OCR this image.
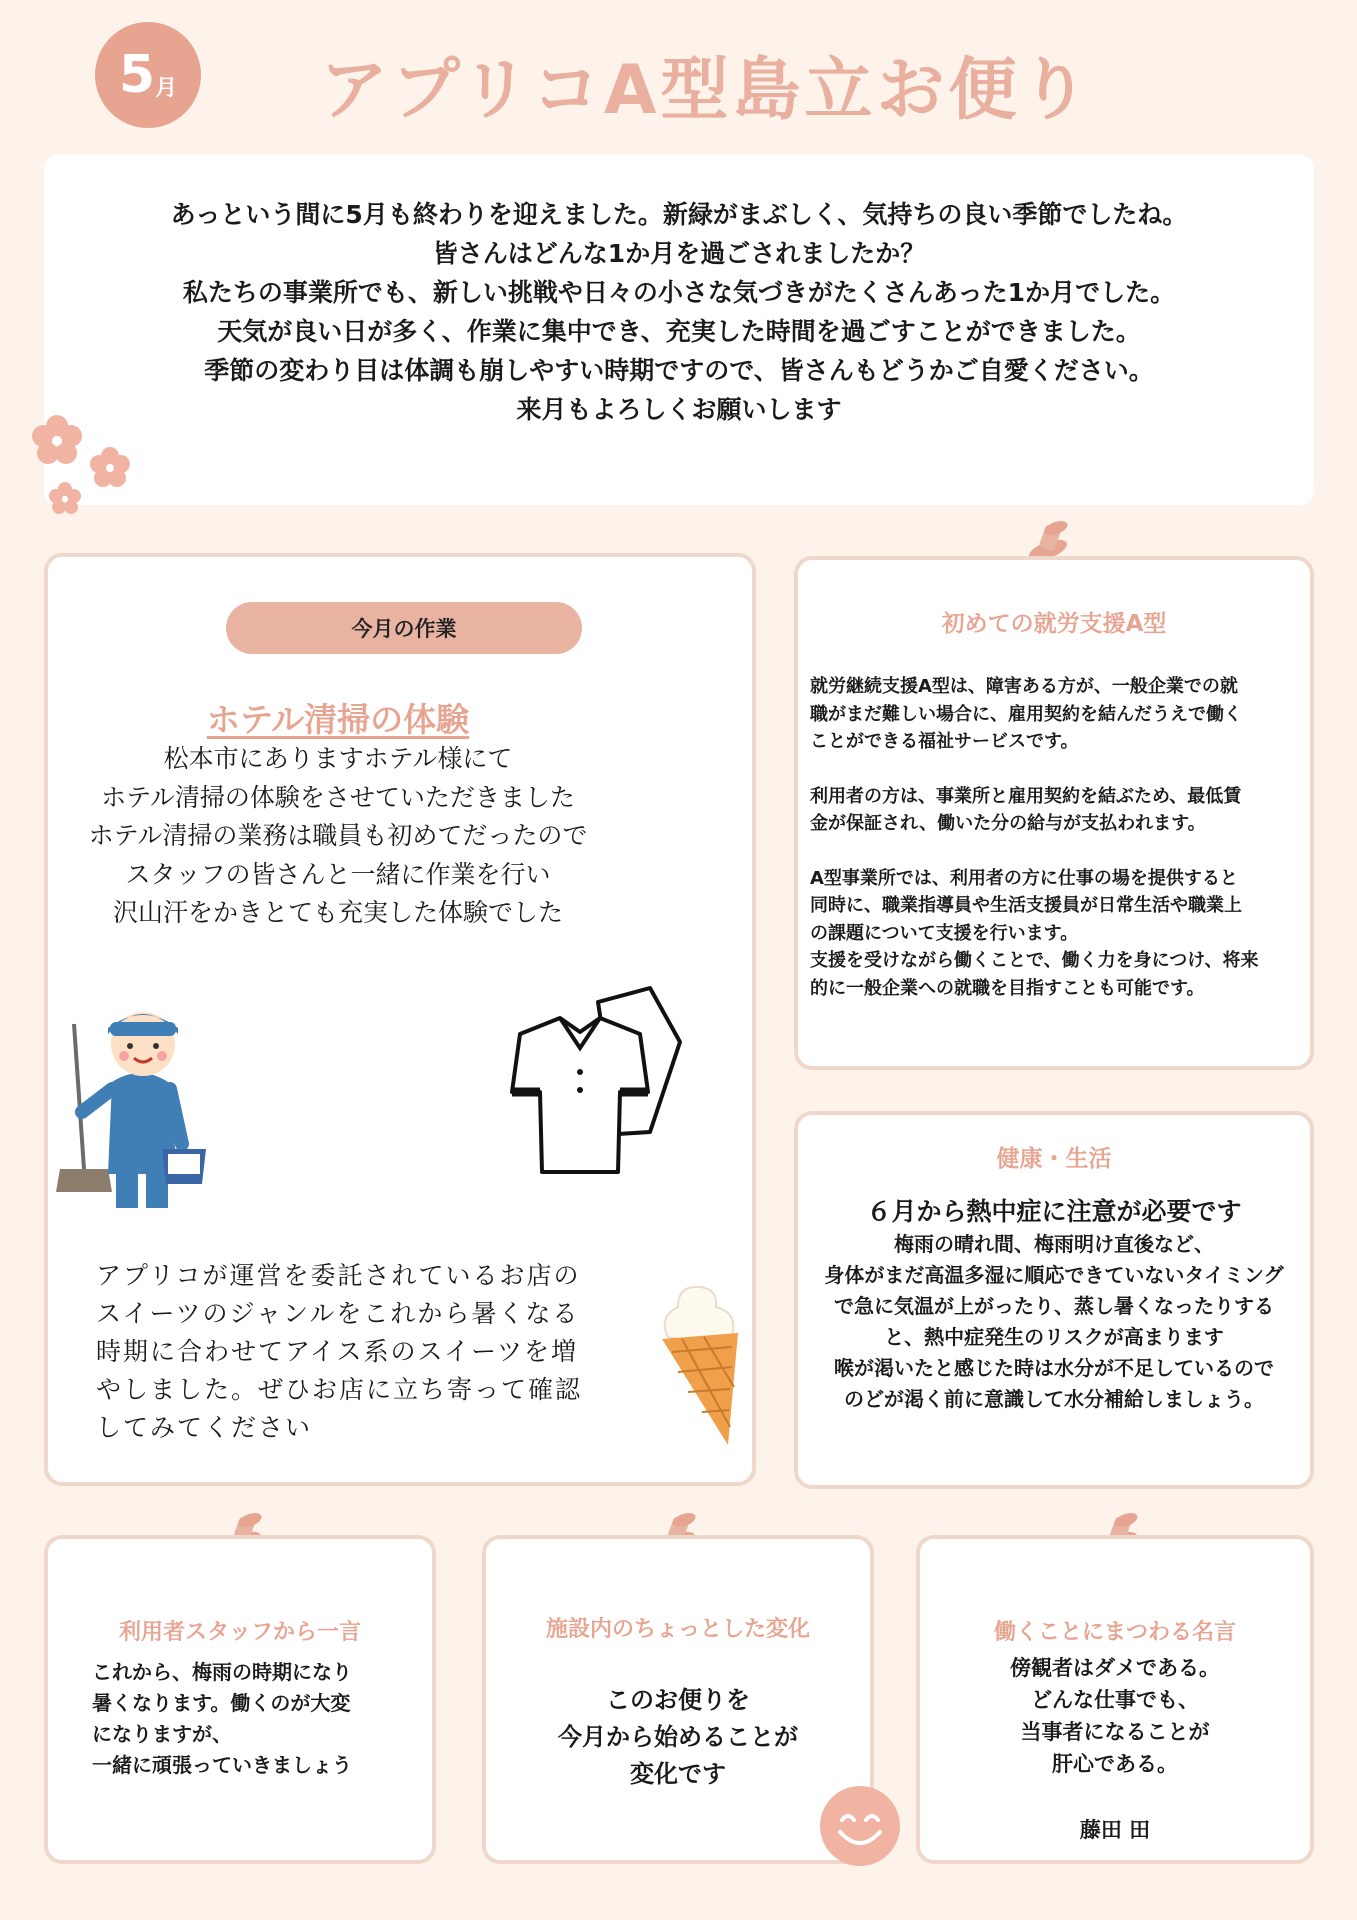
5 月 アプリコA型島立お便り

あっという間に5月も終わりを迎えました。新緑がまぶしく、気持ちの良い季節でしたね。

皆さんはどんな1か月を過ごされましたか？

私たちの事業所でも、新しい挑戦や日々の小さな気づきがたくさんあった1か月でした。

天気が良い日が多く、作業に集中でき、充実した時間を過ごすことができました。

季節の変わり目は体調も崩しやすい時期ですので、皆さんもどうかご自愛ください。

来月もよろしくお願いします

今月の作業
ホテル清掃の体験

松本市にありますホテル様にて

ホテル清掃の体験をさせていただきました

ホテル清掃の業務は職員も初めてだったので

スタッフの皆さんと一緒に作業を行い

沢山汗をかきとても充実した体験でした

アプリコが運営を委託されているお店の

スイーツのジャンルをこれから暑くなる

時期に合わせてアイス系のスイーツを増

やしました。ぜひお店に立ち寄って確認

してみてください

初めての就労支援A型

就労継続支援A型は、障害ある方が、一般企業での就

職がまだ難しい場合に、雇用契約を結んだうえで働く

ことができる福祉サービスです。

利用者の方は、事業所と雇用契約を結ぶため、最低賃

金が保証され、働いた分の給与が支払われます。

A型事業所では、利用者の方に仕事の場を提供すると

同時に、職業指導員や生活支援員が日常生活や職業上

の課題について支援を行います。

支援を受けながら働くことで、働く力を身につけ、将来

的に一般企業への就職を目指すことも可能です。

健康・生活
６月から熱中症に注意が必要です

梅雨の晴れ間、梅雨明け直後など、

身体がまだ高温多湿に順応できていないタイミング

で急に気温が上がったり、蒸し暑くなったりする

と、熱中症発生のリスクが高まります

喉が渇いたと感じた時は水分が不足しているので

のどが渇く前に意識して水分補給しましょう。

利用者スタッフから一言

これから、梅雨の時期になり

暑くなります。働くのが大変

になりますが、

一緒に頑張っていきましょう

施設内のちょっとした変化

このお便りを

今月から始めることが

変化です

働くことにまつわる名言

傍観者はダメである。

どんな仕事でも、

当事者になることが

肝心である。

藤田 田
